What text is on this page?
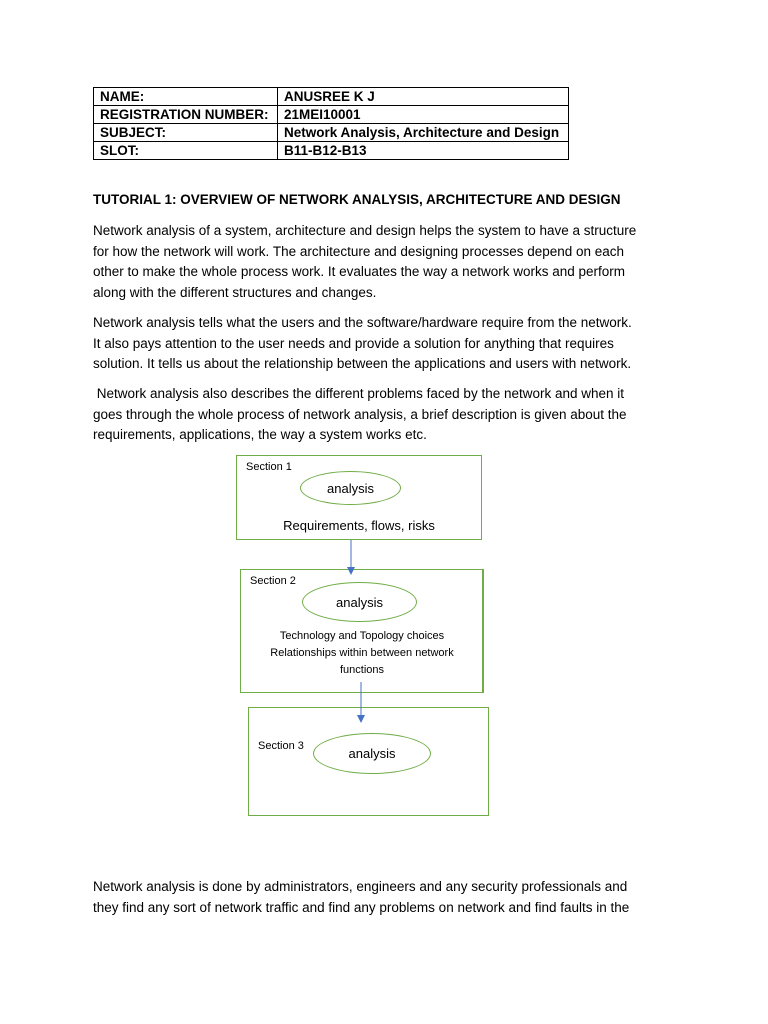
NAME:	ANUSREE K J
REGISTRATION NUMBER:	21MEI10001
SUBJECT:	Network Analysis, Architecture and Design
SLOT:	B11-B12-B13
TUTORIAL 1: OVERVIEW OF NETWORK ANALYSIS, ARCHITECTURE AND DESIGN

Network analysis of a system, architecture and design helps the system to have a structure
for how the network will work. The architecture and designing processes depend on each
other to make the whole process work. It evaluates the way a network works and perform
along with the different structures and changes.

Network analysis tells what the users and the software/hardware require from the network.
It also pays attention to the user needs and provide a solution for anything that requires
solution. It tells us about the relationship between the applications and users with network.

Network analysis also describes the different problems faced by the network and when it
goes through the whole process of network analysis, a brief description is given about the
requirements, applications, the way a system works etc.

Section 1
analysis
Requirements, flows, risks
Section 2
analysis
Technology and Topology choices
Relationships within between network
functions
Section 3	analysis

Network analysis is done by administrators, engineers and any security professionals and
they find any sort of network traffic and find any problems on network and find faults in the
